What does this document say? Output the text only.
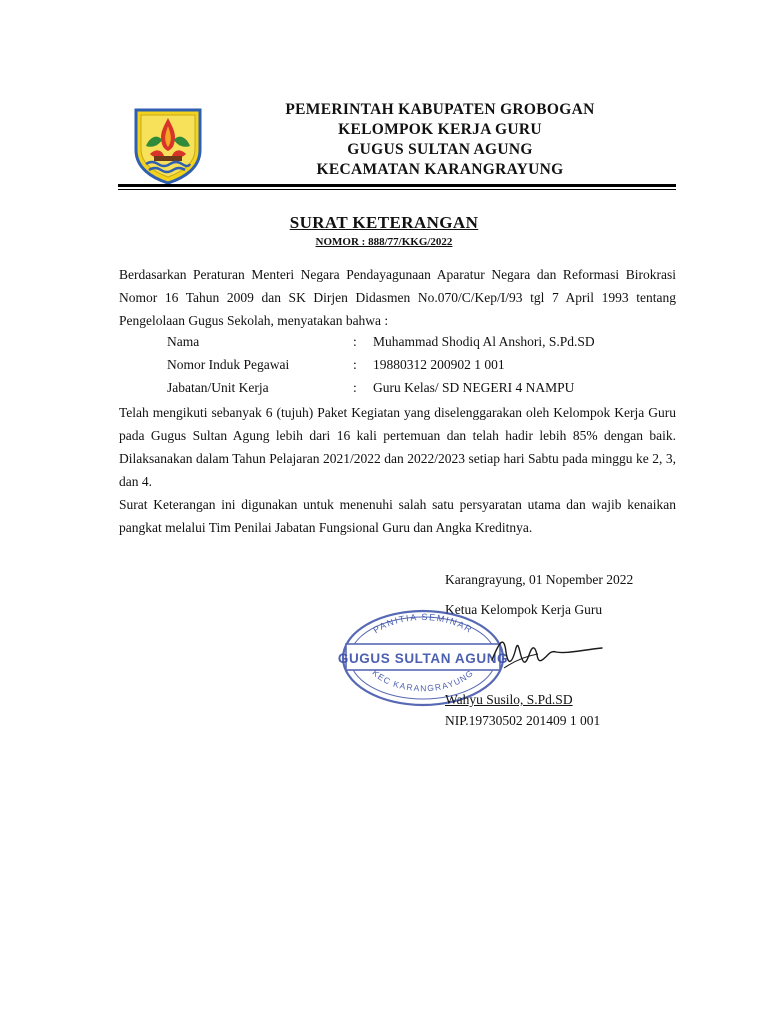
PEMERINTAH KABUPATEN GROBOGAN
KELOMPOK KERJA GURU
GUGUS SULTAN AGUNG
KECAMATAN KARANGRAYUNG
SURAT KETERANGAN
NOMOR : 888/77/KKG/2022
Berdasarkan Peraturan Menteri Negara Pendayagunaan Aparatur Negara dan Reformasi Birokrasi Nomor 16 Tahun 2009 dan SK Dirjen Didasmen No.070/C/Kep/I/93 tgl 7 April 1993 tentang Pengelolaan Gugus Sekolah, menyatakan bahwa :
Nama	: Muhammad Shodiq Al Anshori, S.Pd.SD
Nomor Induk Pegawai	: 19880312 200902 1 001
Jabatan/Unit Kerja	: Guru Kelas/ SD NEGERI 4 NAMPU
Telah mengikuti sebanyak 6 (tujuh) Paket Kegiatan yang diselenggarakan oleh Kelompok Kerja Guru pada Gugus Sultan Agung lebih dari 16 kali pertemuan dan telah hadir lebih 85% dengan baik. Dilaksanakan dalam Tahun Pelajaran 2021/2022 dan 2022/2023 setiap hari Sabtu pada minggu ke 2, 3, dan 4.
Surat Keterangan ini digunakan untuk menenuhi salah satu persyaratan utama dan wajib kenaikan pangkat melalui Tim Penilai Jabatan Fungsional Guru dan Angka Kreditnya.
Karangrayung, 01 Nopember 2022
Ketua Kelompok Kerja Guru
PANITIA SEMINAR
GUGUS SULTAN AGUNG
KEC KARANGRAYUNG
Wahyu Susilo, S.Pd.SD
NIP.19730502 201409 1 001
